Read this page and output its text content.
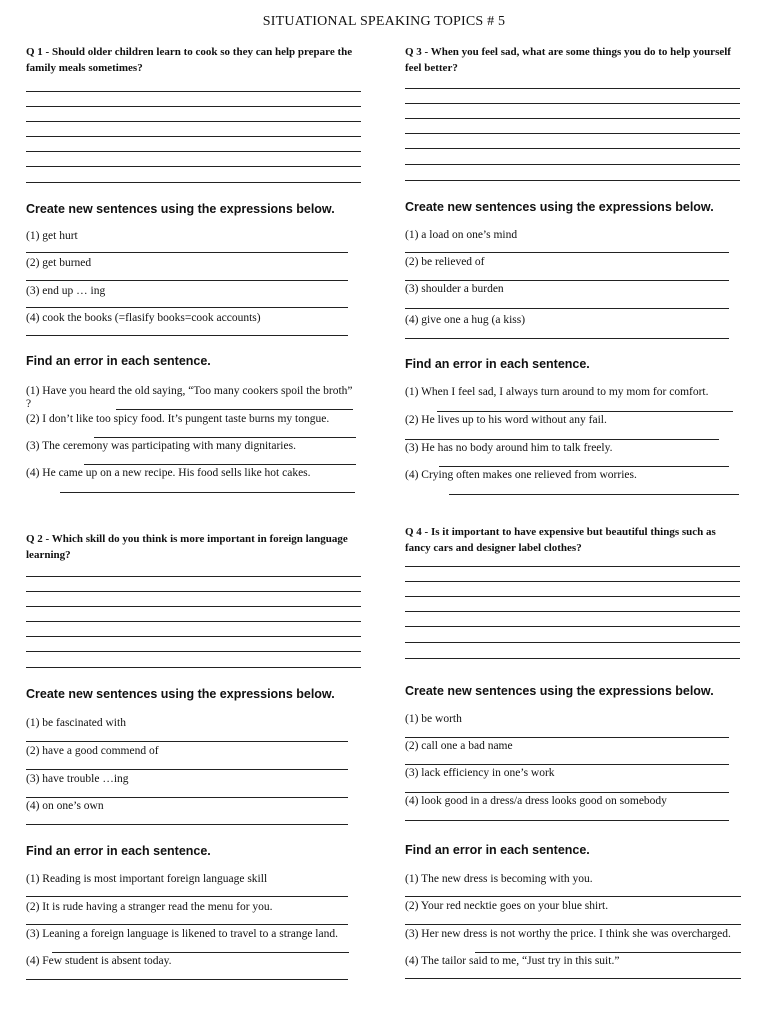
SITUATIONAL SPEAKING TOPICS # 5
Q 1 - Should older children learn to cook so they can help prepare the family meals sometimes?
Create new sentences using the expressions below.
(1) get hurt
(2) get burned
(3) end up … ing
(4) cook the books (=flasify books=cook accounts)
Find an error in each sentence.
(1) Have you heard the old saying, “Too many cookers spoil the broth” ?
(2) I don’t like too spicy food. It’s pungent taste burns my tongue.
(3) The ceremony was participating with many dignitaries.
(4) He came up on a new recipe. His food sells like hot cakes.
Q 2 - Which skill do you think is more important in foreign language learning?
Create new sentences using the expressions below.
(1) be fascinated with
(2) have a good commend of
(3) have trouble …ing
(4) on one’s own
Find an error in each sentence.
(1) Reading is most important foreign language skill
(2) It is rude having a stranger read the menu for you.
(3) Leaning a foreign language is likened to travel to a strange land.
(4) Few student is absent today.
Q 3 - When you feel sad, what are some things you do to help yourself feel better?
Create new sentences using the expressions below.
(1) a load on one’s mind
(2) be relieved of
(3) shoulder a burden
(4) give one a hug (a kiss)
Find an error in each sentence.
(1) When I feel sad, I always turn around to my mom for comfort.
(2) He lives up to his word without any fail.
(3) He has no body around him to talk freely.
(4) Crying often makes one relieved from worries.
Q 4 - Is it important to have expensive but beautiful things such as fancy cars and designer label clothes?
Create new sentences using the expressions below.
(1) be worth
(2) call one a bad name
(3) lack efficiency in one’s work
(4) look good in a dress/a dress looks good on somebody
Find an error in each sentence.
(1) The new dress is becoming with you.
(2) Your red necktie goes on your blue shirt.
(3) Her new dress is not worthy the price. I think she was overcharged.
(4) The tailor said to me, “Just try in this suit.”
